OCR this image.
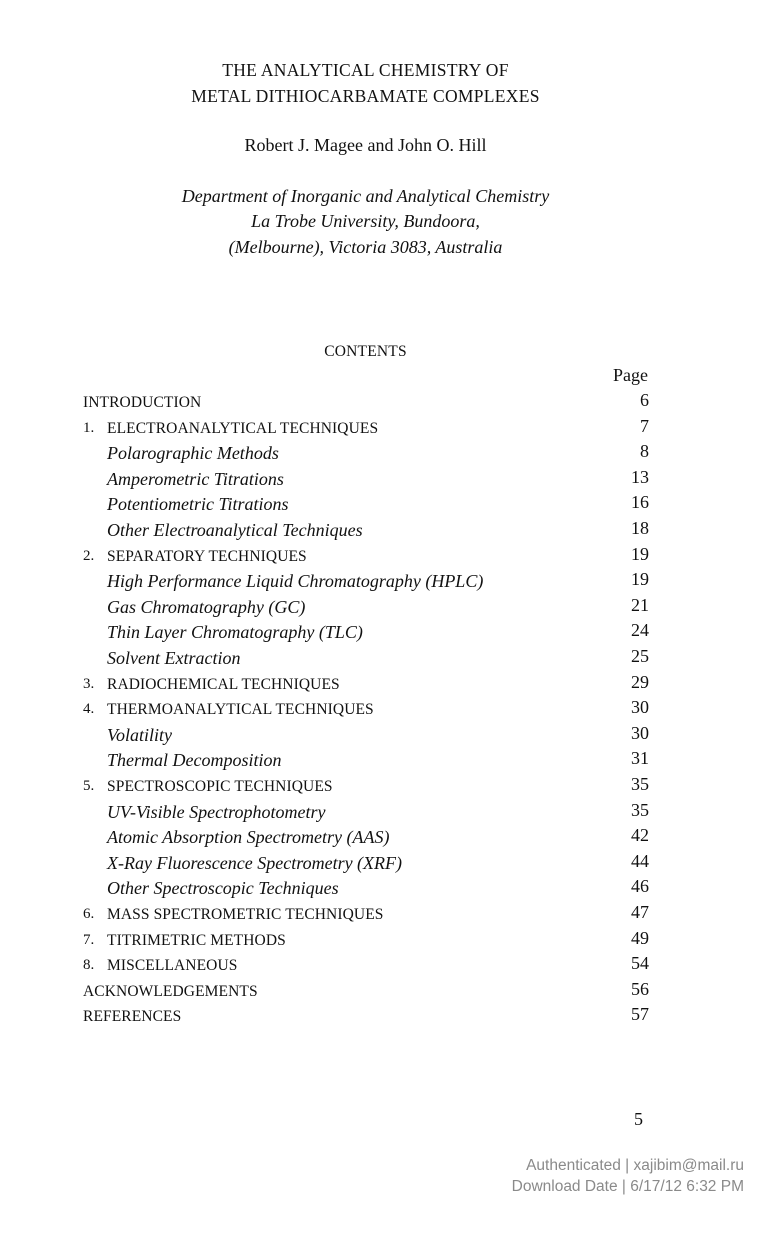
THE ANALYTICAL CHEMISTRY OF
METAL DITHIOCARBAMATE COMPLEXES
Robert J. Magee and John O. Hill
Department of Inorganic and Analytical Chemistry
La Trobe University, Bundoora,
(Melbourne), Victoria 3083, Australia
CONTENTS
Page
INTRODUCTION	6
1. ELECTROANALYTICAL TECHNIQUES	7
Polarographic Methods	8
Amperometric Titrations	13
Potentiometric Titrations	16
Other Electroanalytical Techniques	18
2. SEPARATORY TECHNIQUES	19
High Performance Liquid Chromatography (HPLC)	19
Gas Chromatography (GC)	21
Thin Layer Chromatography (TLC)	24
Solvent Extraction	25
3. RADIOCHEMICAL TECHNIQUES	29
4. THERMOANALYTICAL TECHNIQUES	30
Volatility	30
Thermal Decomposition	31
5. SPECTROSCOPIC TECHNIQUES	35
UV-Visible Spectrophotometry	35
Atomic Absorption Spectrometry (AAS)	42
X-Ray Fluorescence Spectrometry (XRF)	44
Other Spectroscopic Techniques	46
6. MASS SPECTROMETRIC TECHNIQUES	47
7. TITRIMETRIC METHODS	49
8. MISCELLANEOUS	54
ACKNOWLEDGEMENTS	56
REFERENCES	57
5
Authenticated | xajibim@mail.ru
Download Date | 6/17/12 6:32 PM
